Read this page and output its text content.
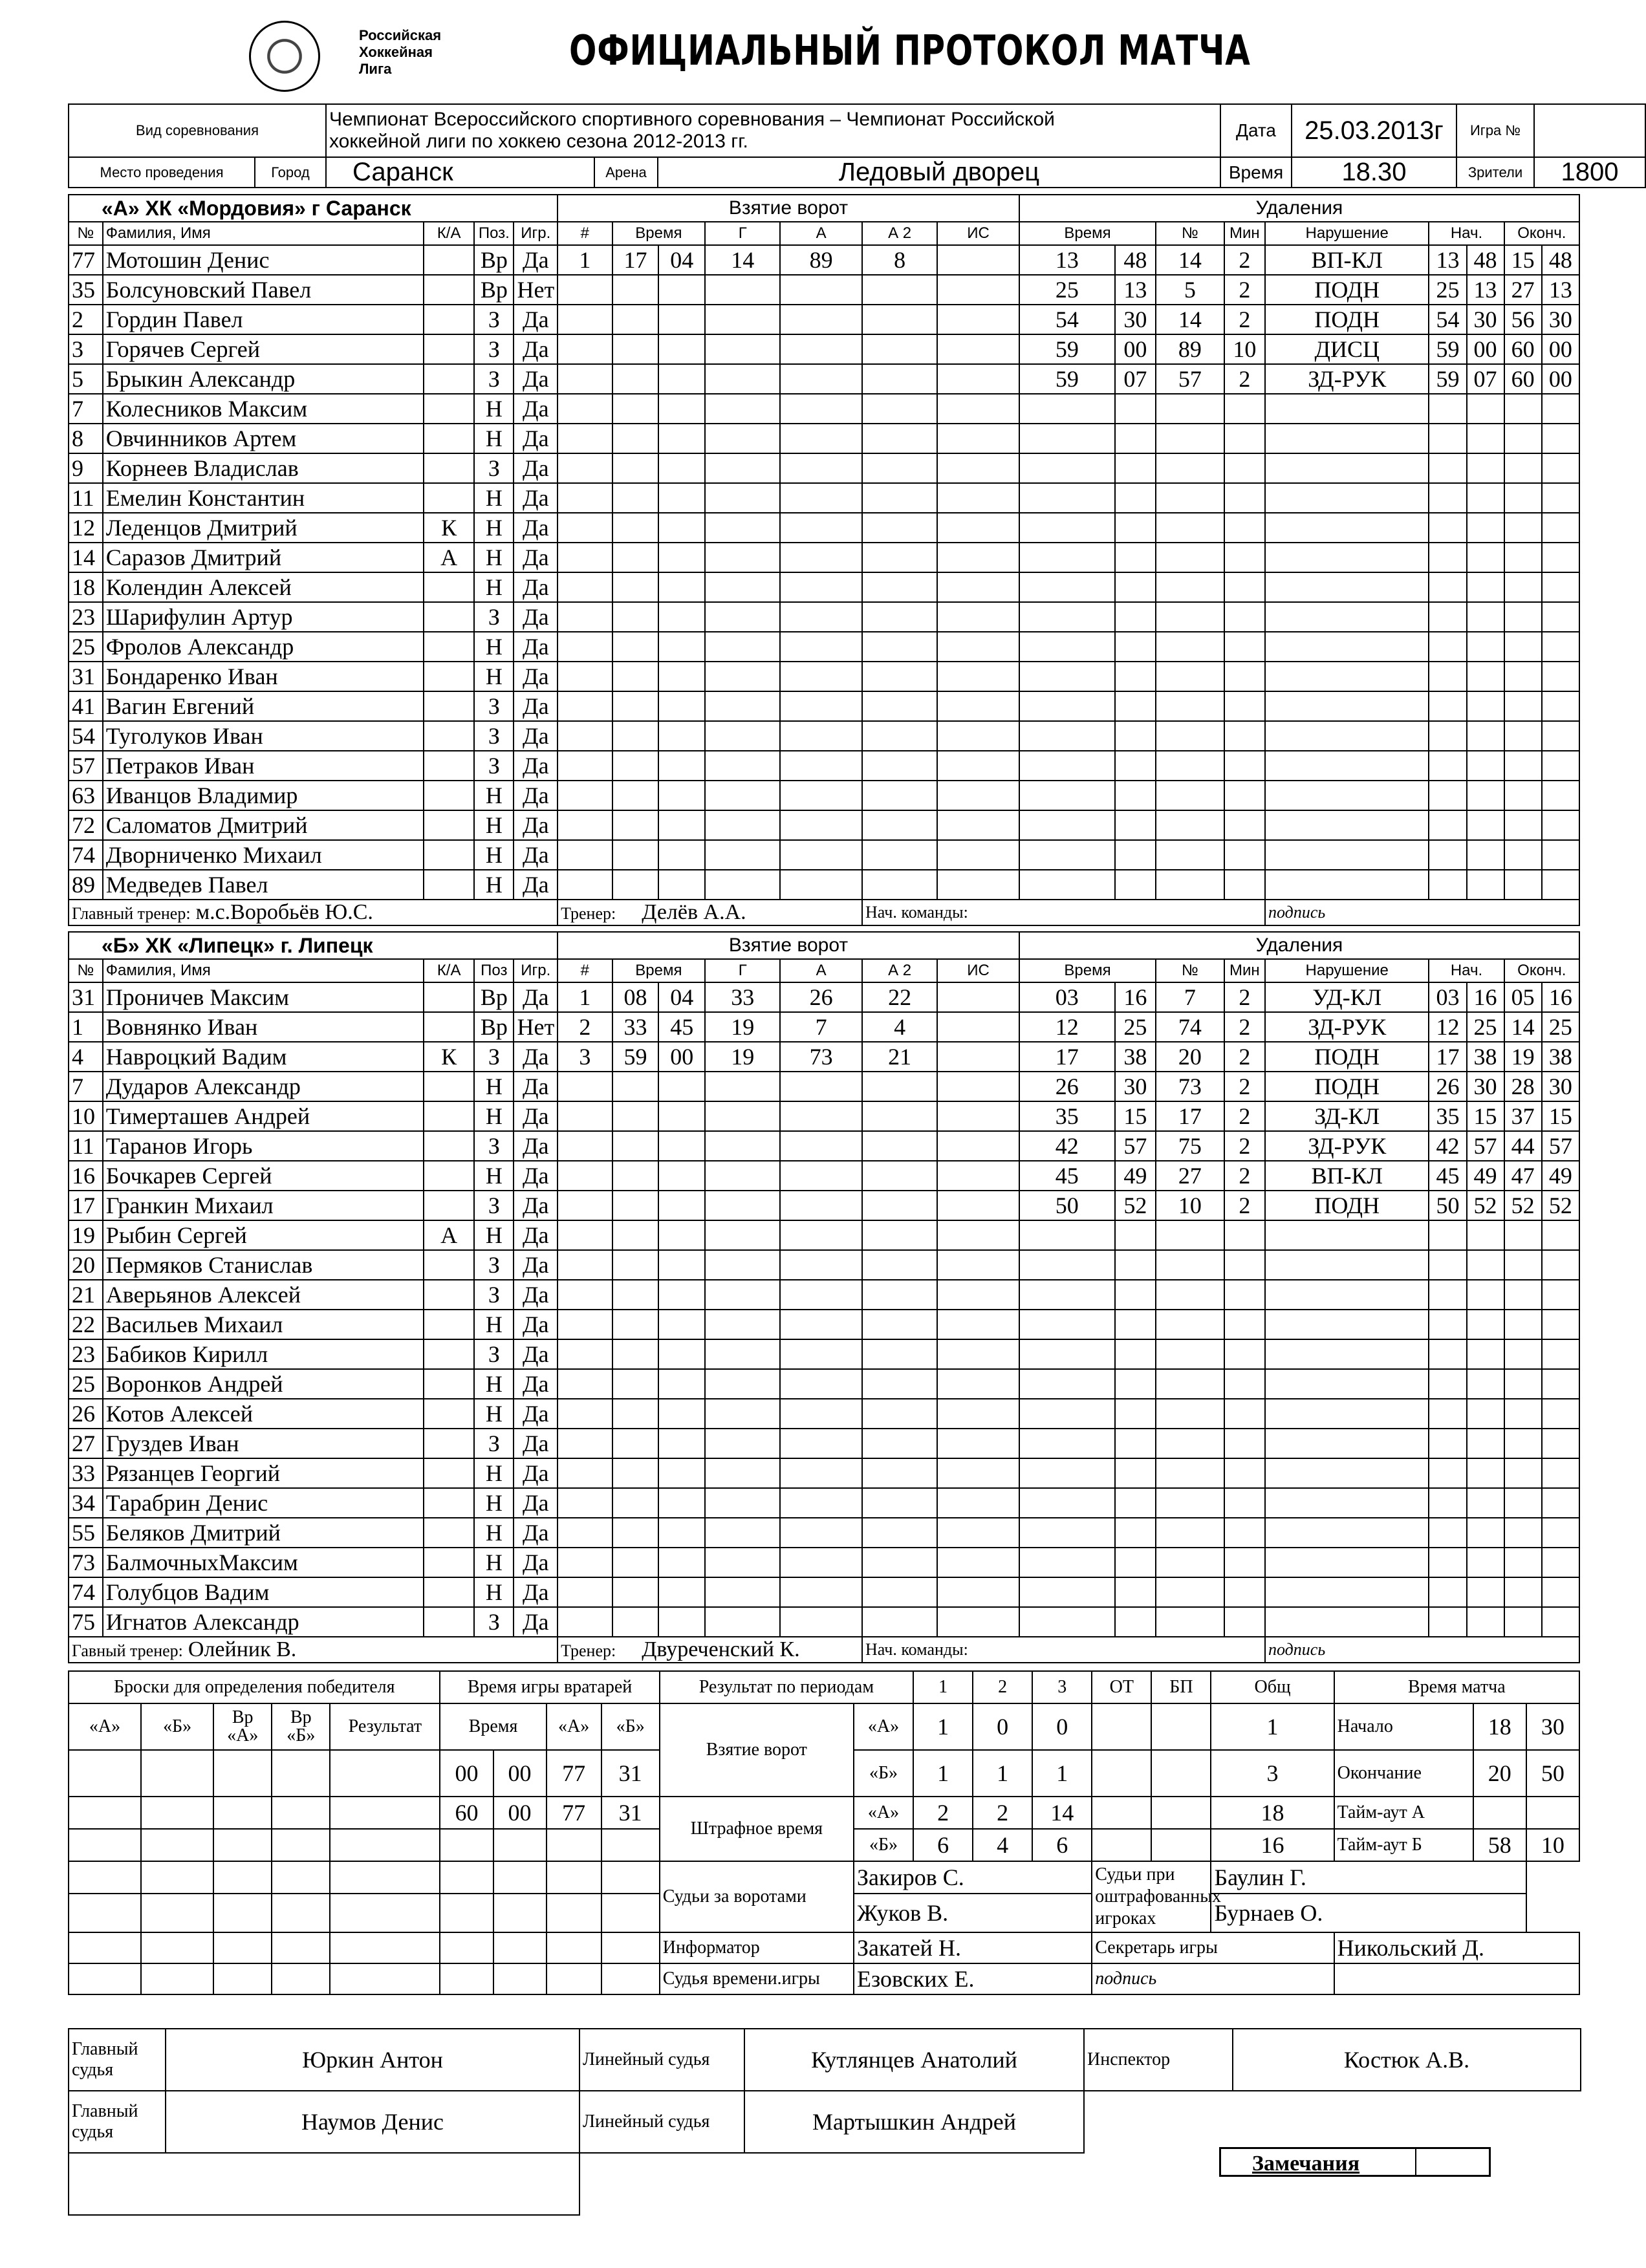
Российская
Хоккейная
Лига	ОФИЦИАЛЬНЫЙ ПРОТОКОЛ МАТЧА
Вид соревнования		Чемпионат Всероссийского спортивного соревнования – Чемпионат Российской
хоккейной лиги по хоккею сезона 2012-2013 гг.			Дата	25.03.2013г	Игра №	
Место проведения	Город	Саранск	Арена	Ледовый дворец	Время	18.30	Зрители	1800
«А» ХК «Мордовия» г Саранск					Взятие ворот							Удаления								
№	Фамилия, Имя	К/А	Поз.	Игр.	#	Время		Г	А	А 2	ИС	Время		№	Мин	Нарушение	Нач.		Оконч.	
77	Мотошин Денис		Вр	Да	1	17	04	14	89	8		13	48	14	2	ВП-КЛ	13	48	15	48
35	Болсуновский Павел		Вр	Нет								25	13	5	2	ПОДН	25	13	27	13
2	Гордин Павел		З	Да								54	30	14	2	ПОДН	54	30	56	30
3	Горячев Сергей		З	Да								59	00	89	10	ДИСЦ	59	00	60	00
5	Брыкин Александр		З	Да								59	07	57	2	ЗД-РУК	59	07	60	00
7	Колесников Максим		Н	Да																
8	Овчинников Артем		Н	Да																
9	Корнеев Владислав		З	Да																
11	Емелин Константин		Н	Да																
12	Леденцов Дмитрий	К	Н	Да																
14	Саразов Дмитрий	А	Н	Да																
18	Колендин Алексей		Н	Да																
23	Шарифулин Артур		З	Да																
25	Фролов Александр		Н	Да																
31	Бондаренко Иван		Н	Да																
41	Вагин Евгений		З	Да																
54	Туголуков Иван		З	Да																
57	Петраков Иван		З	Да																
63	Иванцов Владимир		Н	Да																
72	Саломатов Дмитрий		Н	Да																
74	Дворниченко Михаил		Н	Да																
89	Медведев Павел		Н	Да																
Главный тренер: м.с.Воробьёв Ю.С.					Тренер: Делёв А.А.					Нач. команды:						подпись				
«Б» ХК «Липецк» г. Липецк					Взятие ворот							Удаления								
№	Фамилия, Имя	К/А	Поз	Игр.	#	Время		Г	А	А 2	ИС	Время		№	Мин	Нарушение	Нач.		Оконч.	
31	Проничев Максим		Вр	Да	1	08	04	33	26	22		03	16	7	2	УД-КЛ	03	16	05	16
1	Вовнянко Иван		Вр	Нет	2	33	45	19	7	4		12	25	74	2	ЗД-РУК	12	25	14	25
4	Навроцкий Вадим	К	З	Да	3	59	00	19	73	21		17	38	20	2	ПОДН	17	38	19	38
7	Дударов Александр		Н	Да								26	30	73	2	ПОДН	26	30	28	30
10	Тимерташев Андрей		Н	Да								35	15	17	2	ЗД-КЛ	35	15	37	15
11	Таранов Игорь		З	Да								42	57	75	2	ЗД-РУК	42	57	44	57
16	Бочкарев Сергей		Н	Да								45	49	27	2	ВП-КЛ	45	49	47	49
17	Гранкин Михаил		З	Да								50	52	10	2	ПОДН	50	52	52	52
19	Рыбин Сергей	А	Н	Да																
20	Пермяков Станислав		З	Да																
21	Аверьянов Алексей		З	Да																
22	Васильев Михаил		Н	Да																
23	Бабиков Кирилл		З	Да																
25	Воронков Андрей		Н	Да																
26	Котов Алексей		Н	Да																
27	Груздев Иван		З	Да																
33	Рязанцев Георгий		Н	Да																
34	Тарабрин Денис		Н	Да																
55	Беляков Дмитрий		Н	Да																
73	БалмочныхМаксим		Н	Да																
74	Голубцов Вадим		Н	Да																
75	Игнатов Александр		З	Да																
Гавный тренер: Олейник В.					Тренер: Двуреченский К.					Нач. команды:						подпись				
Броски для определения победителя					Время игры вратарей				Результат по периодам		1	2	3	ОТ	БП	Общ	Время матча		
«А»	«Б»	Вр «А»	Вр «Б»	Результат	Время		«А»	«Б»	Взятие ворот	«А»	1	0	0			1	Начало	18	30
					00	00	77	31		«Б»	1	1	1			3	Окончание	20	50
					60	00	77	31	Штрафное время	«А»	2	2	14			18	Тайм-аут А		
										«Б»	6	4	6			16	Тайм-аут Б	58	10
									Судьи за воротами	Закиров С.				Судьи при оштрафованных игроках		Баулин Г.			
										Жуков В.						Бурнаев О.			
									Информатор	Закатей Н.				Секретарь игры			Никольский Д.		
									Судья времени.игры	Езовских Е.				подпись					
Главный судья	Юркин Антон	Линейный судья	Кутлянцев Анатолий	Инспектор	Костюк А.В.
Главный судья	Наумов Денис	Линейный судья	Мартышкин Андрей		

Замечания
